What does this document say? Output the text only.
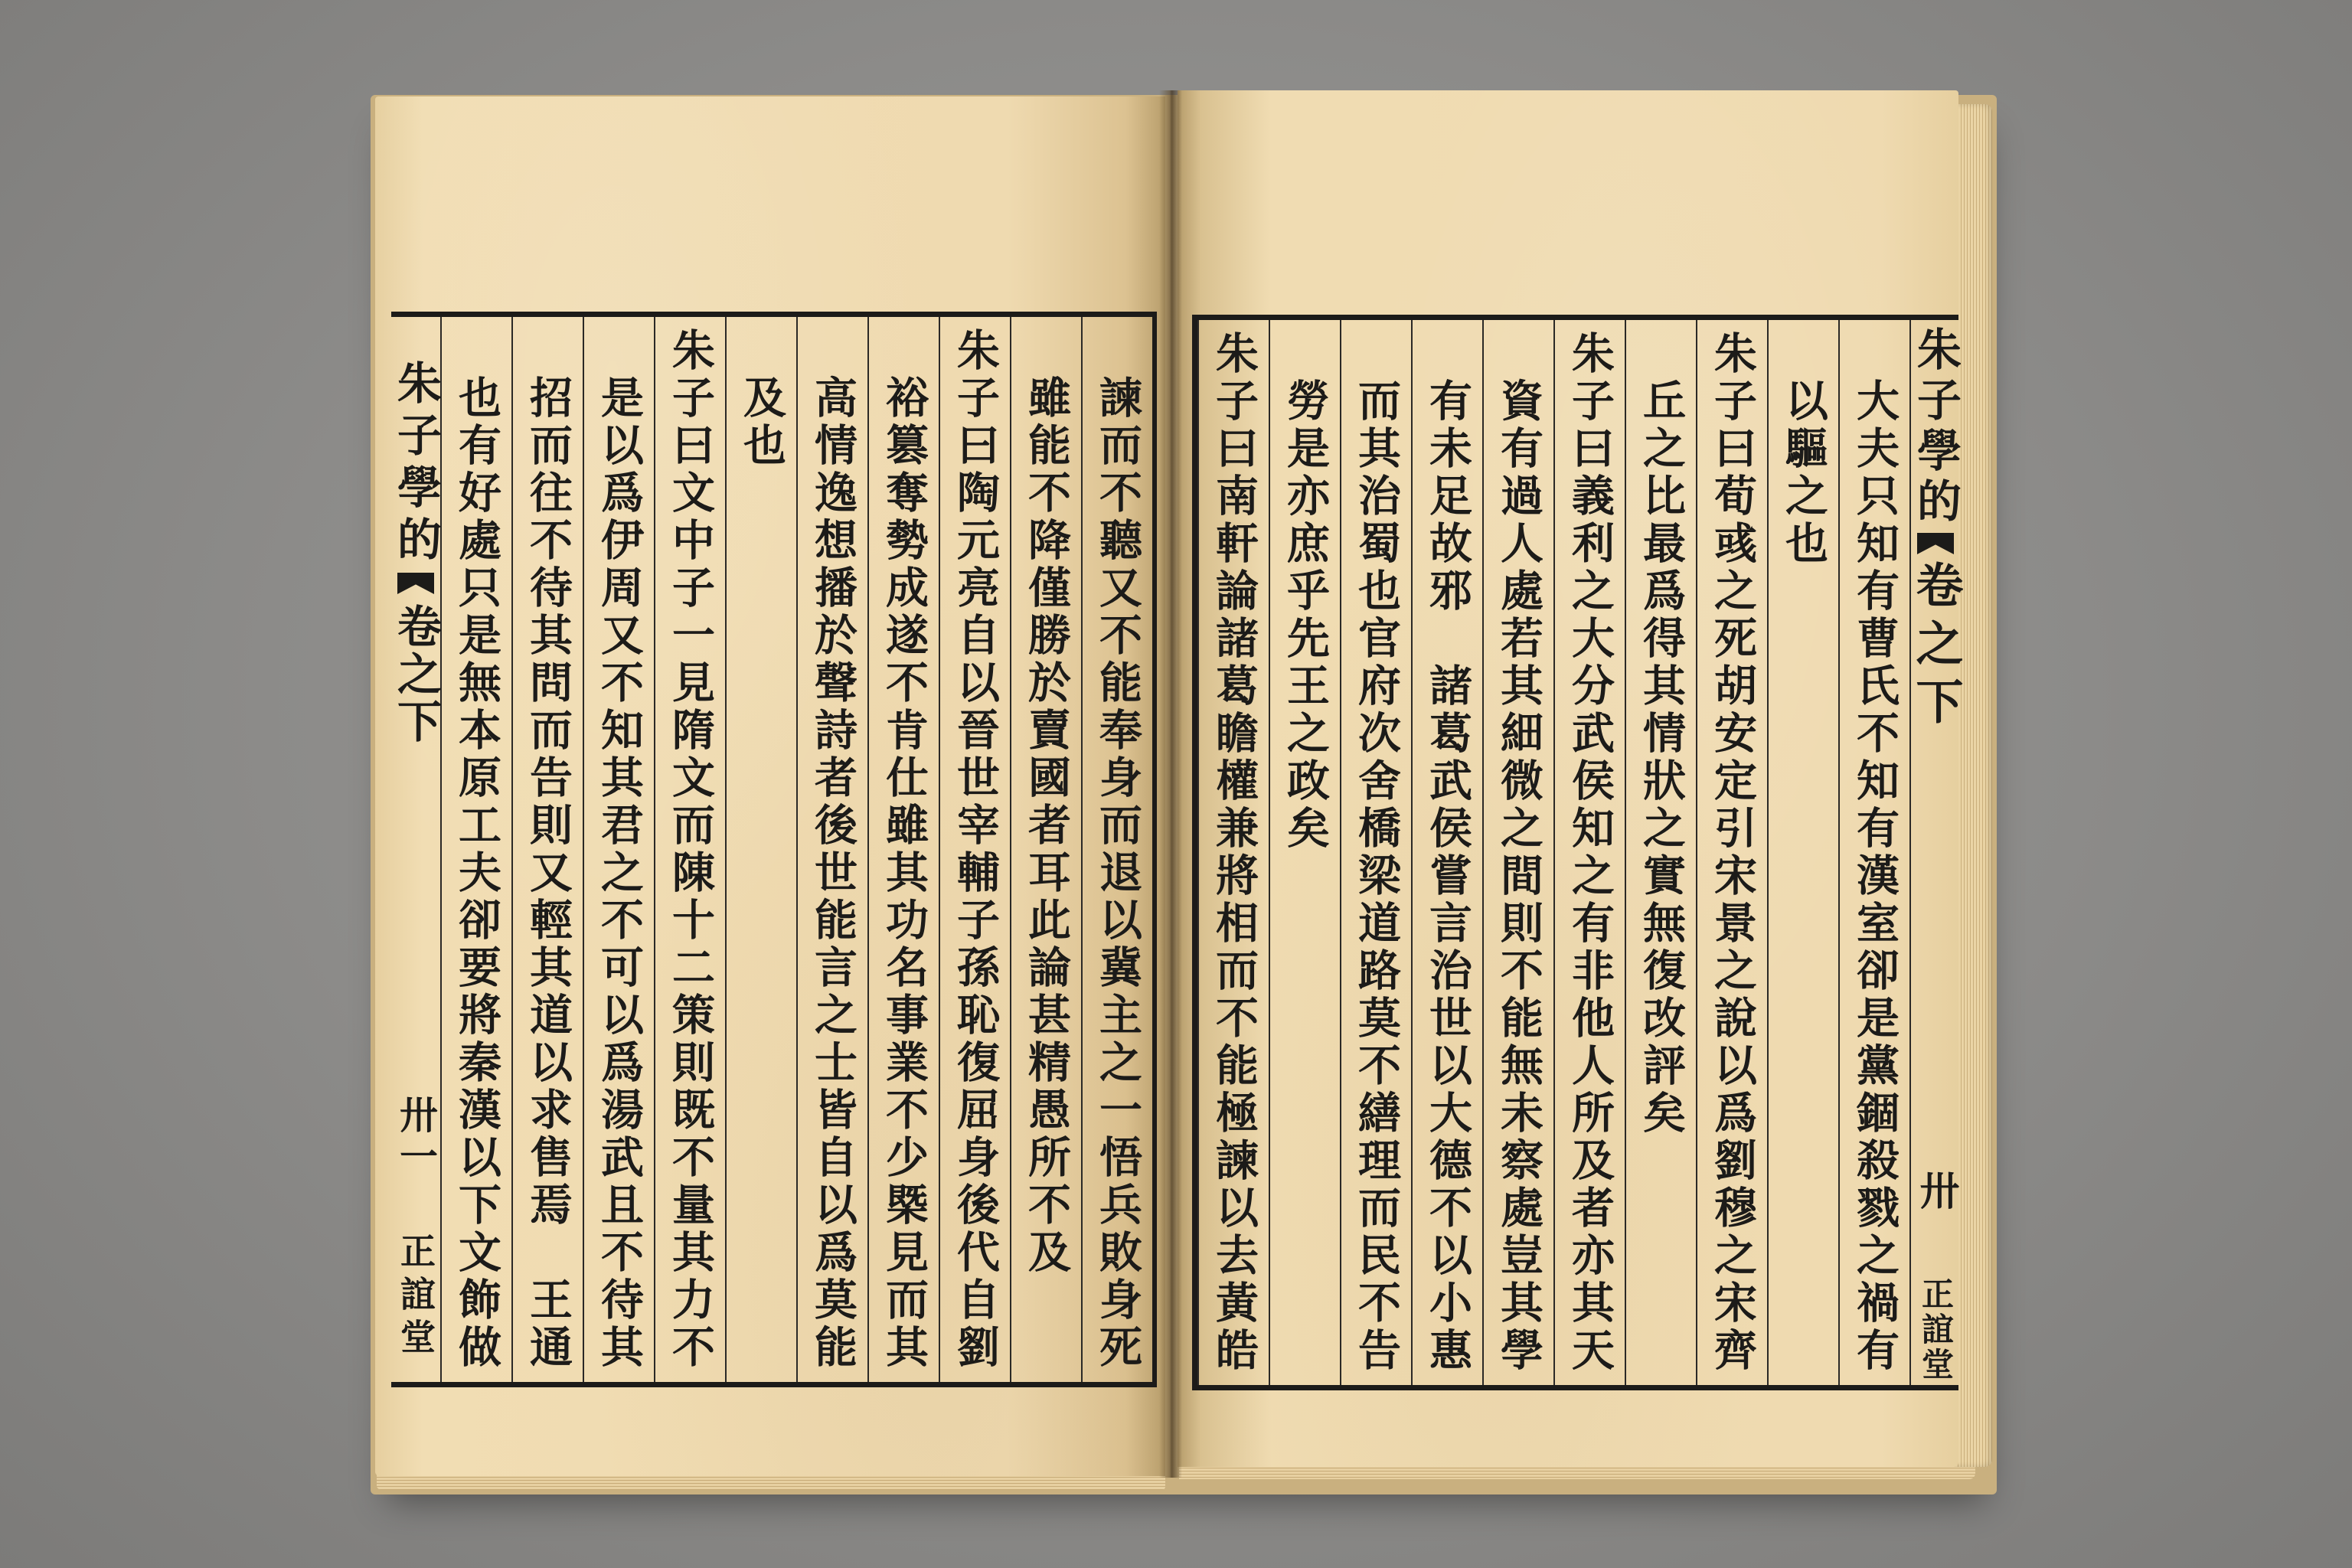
諫而不聽又不能奉身而退以冀主之一悟兵敗身死
雖能不降僅勝於賣國者耳此論甚精愚所不及
朱子曰陶元亮自以晉世宰輔子孫恥復屈身後代自劉
裕篡奪勢成遂不肯仕雖其功名事業不少槩見而其
高情逸想播於聲詩者後世能言之士皆自以爲莫能
及也
朱子曰文中子一見隋文而陳十二策則既不量其力不
是以爲伊周又不知其君之不可以爲湯武且不待其
招而往不待其問而告則又輕其道以求售焉　王通
也有好處只是無本原工夫卻要將秦漢以下文飾做
朱子學的
卷之下
卅一
正誼堂
朱子學的
卷之下
卅
正誼堂
大夫只知有曹氏不知有漢室卻是黨錮殺戮之禍有
以驅之也
朱子曰荀彧之死胡安定引宋景之說以爲劉穆之宋齊
丘之比最爲得其情狀之實無復改評矣
朱子曰義利之大分武侯知之有非他人所及者亦其天
資有過人處若其細微之間則不能無未察處豈其學
有未足故邪　諸葛武侯嘗言治世以大德不以小惠
而其治蜀也官府次舍橋梁道路莫不繕理而民不告
勞是亦庶乎先王之政矣
朱子曰南軒論諸葛瞻權兼將相而不能極諫以去黃皓
